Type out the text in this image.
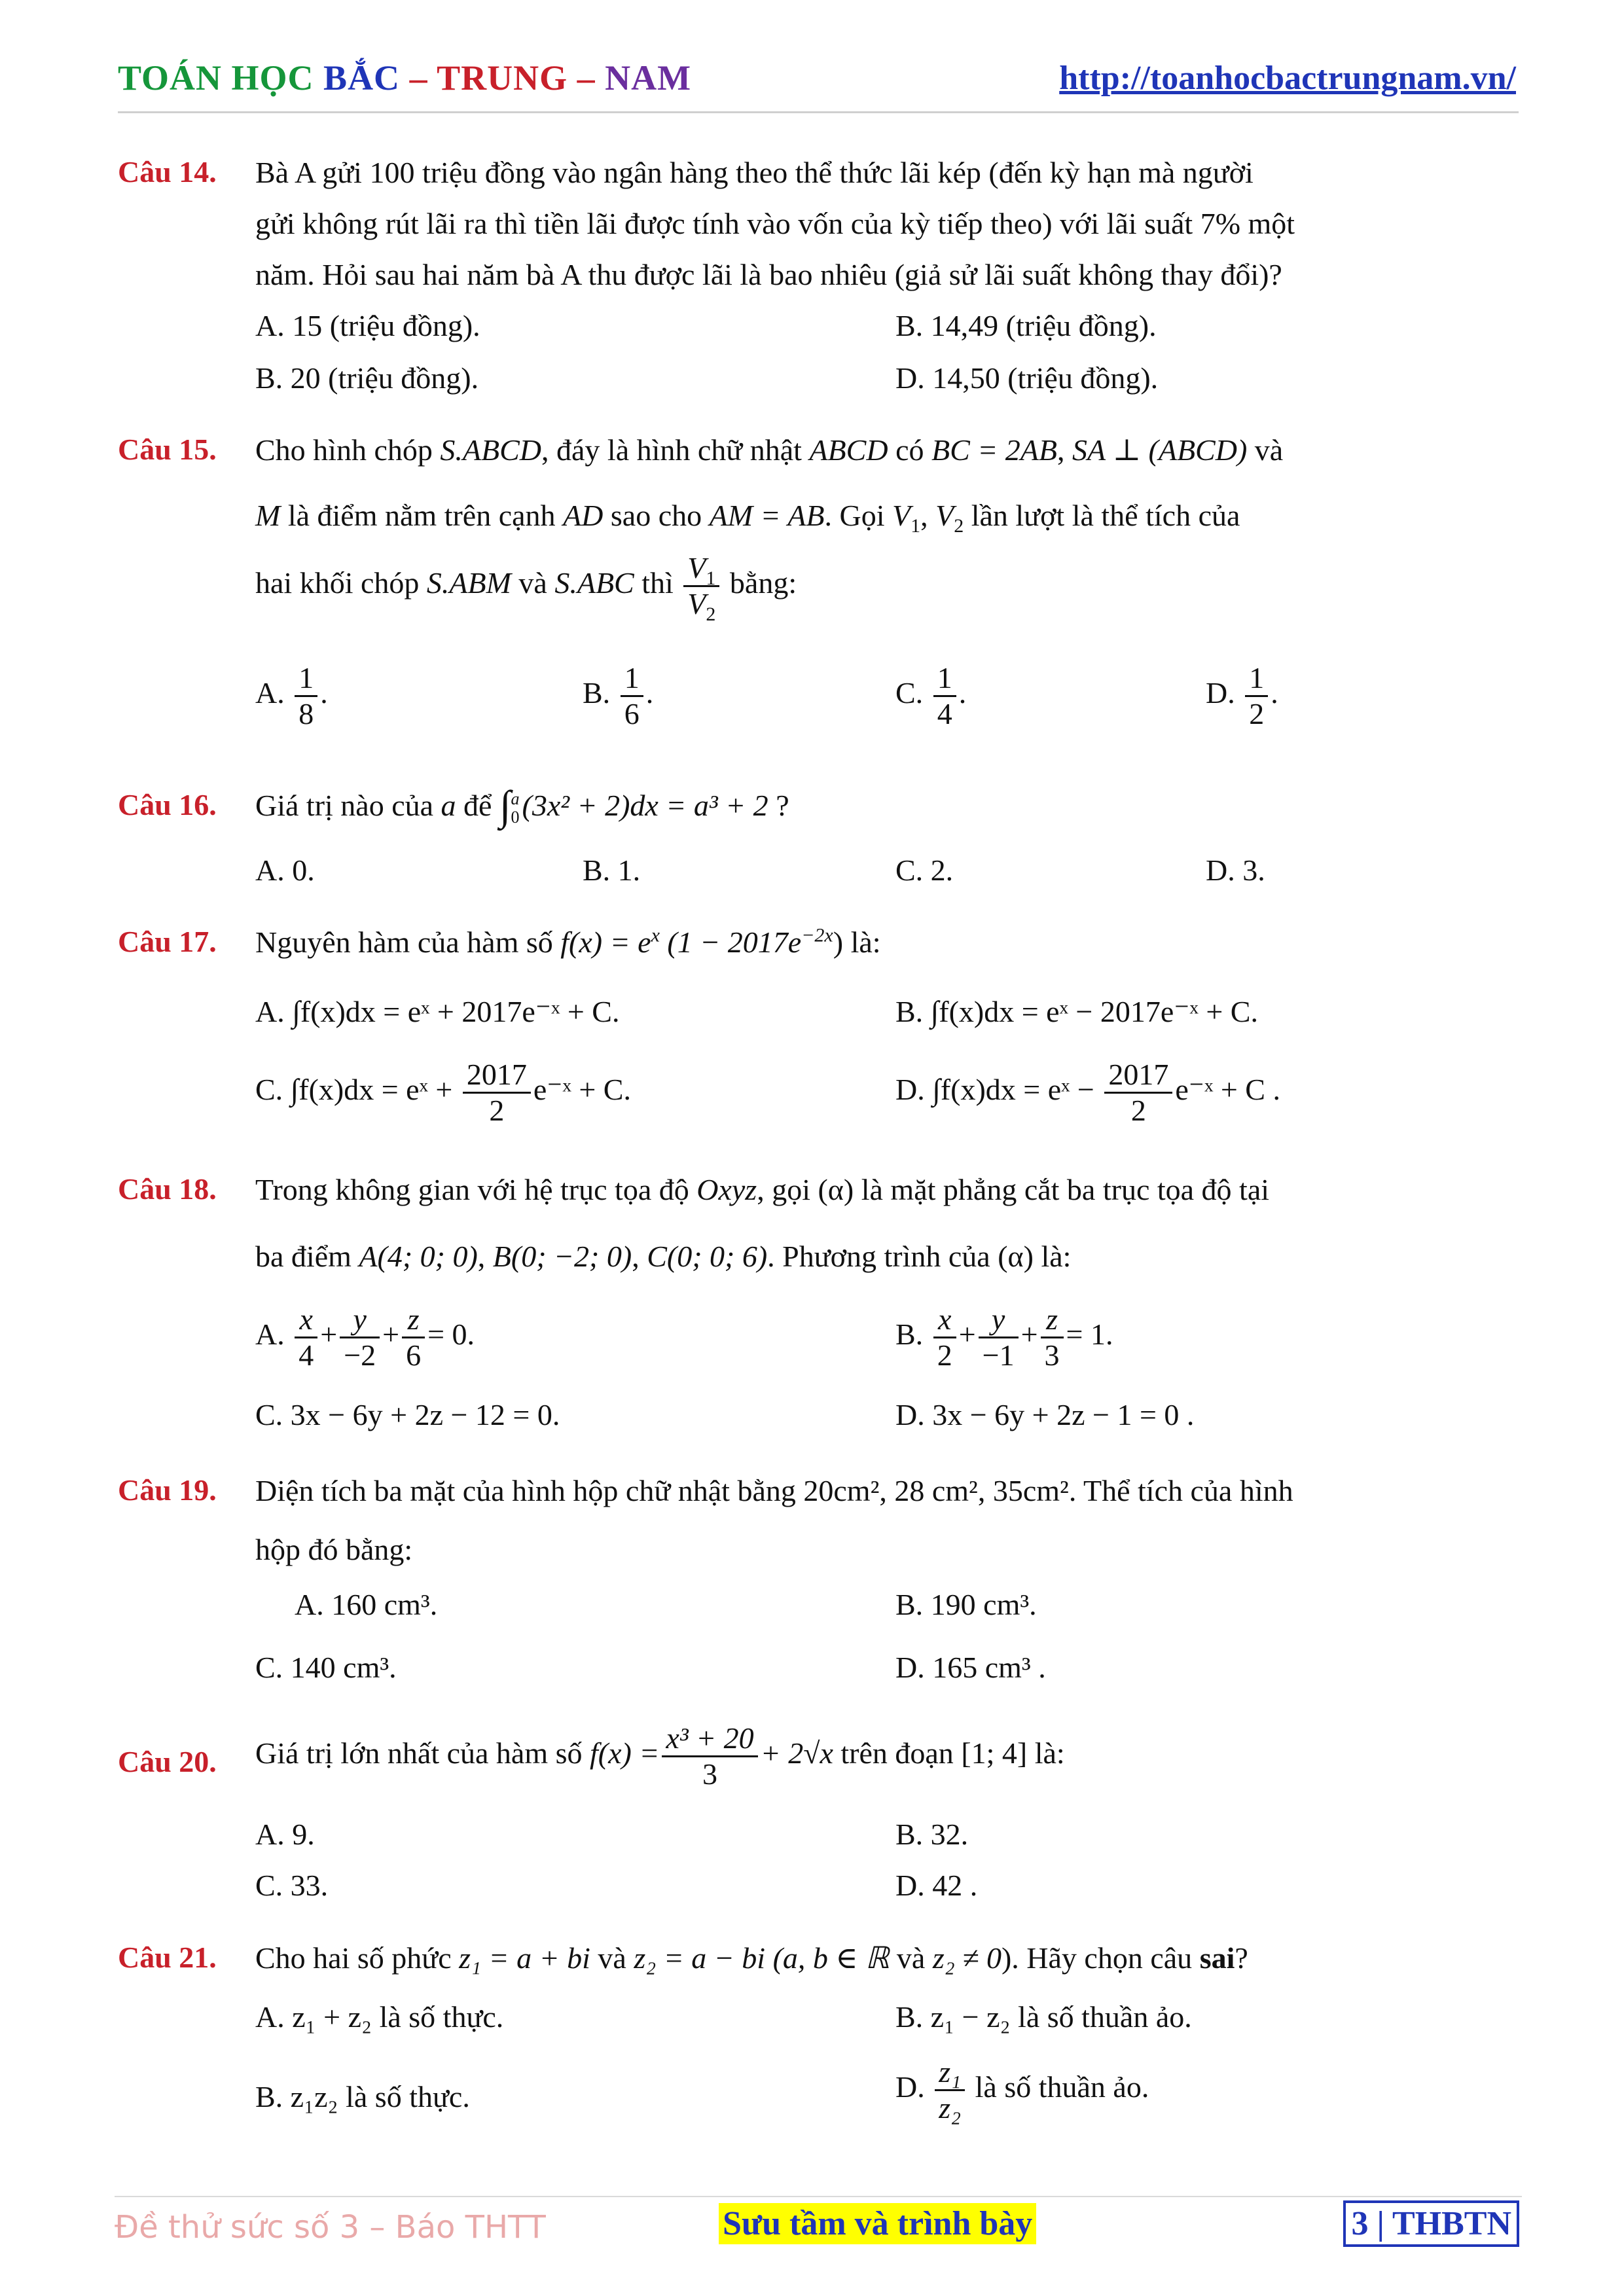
TOÁN HỌC BẮC – TRUNG – NAM	http://toanhocbactrungnam.vn/
Câu 14. Bà A gửi 100 triệu đồng vào ngân hàng theo thể thức lãi kép (đến kỳ hạn mà người
gửi không rút lãi ra thì tiền lãi được tính vào vốn của kỳ tiếp theo) với lãi suất 7% một
năm. Hỏi sau hai năm bà A thu được lãi là bao nhiêu (giả sử lãi suất không thay đổi)?
A. 15 (triệu đồng).	B. 14,49 (triệu đồng).
B. 20 (triệu đồng).	D. 14,50 (triệu đồng).
Câu 15. Cho hình chóp S.ABCD, đáy là hình chữ nhật ABCD có BC = 2AB, SA ⊥ (ABCD) và
M là điểm nằm trên cạnh AD sao cho AM = AB. Gọi $V_1$, $V_2$ lần lượt là thể tích của
hai khối chóp S.ABM và S.ABC thì $\frac{V_1}{V_2}$ bằng:
A. $\frac{1}{8}$ .	B. $\frac{1}{6}$ .	C. $\frac{1}{4}$ .	D. $\frac{1}{2}$ .
Câu 16. Giá trị nào của a để ∫ a
0 (3x² + 2)dx = a³ + 2 ?
A. 0.	B. 1.	C. 2.	D. 3.
Câu 17. Nguyên hàm của hàm số $f(x) = e^x$ $(1 - 2017e^{-2x})$ là:
A. ∫f(x)dx = eˣ + 2017e⁻ˣ + C.	B. ∫f(x)dx = eˣ − 2017e⁻ˣ + C.
C. ∫f(x)dx = eˣ + $\frac{2017}{2}$ e⁻ˣ + C.	D. ∫f(x)dx = eˣ − $\frac{2017}{2}$ e⁻ˣ + C .
Câu 18. Trong không gian với hệ trục tọa độ Oxyz, gọi (α) là mặt phẳng cắt ba trục tọa độ tại
ba điểm A(4; 0; 0), B(0; −2; 0), C(0; 0; 6). Phương trình của (α) là:
A. $\frac{x}{4} + \frac{y}{-2} + \frac{z}{6} = 0$.	B. $\frac{x}{2} + \frac{y}{-1} + \frac{z}{3} = 1$.
C. 3x − 6y + 2z − 12 = 0.	D. 3x − 6y + 2z − 1 = 0 .
Câu 19. Diện tích ba mặt của hình hộp chữ nhật bằng 20cm², 28 cm², 35cm². Thể tích của hình
hộp đó bằng:
A. 160 cm³.	B. 190 cm³.
C. 140 cm³.	D. 165 cm³ .
Câu 20. Giá trị lớn nhất của hàm số $f(x) = \frac{\text{x³ + 20}}{3} + 2√x$ trên đoạn [1; 4] là:
A. 9.	B. 32.
C. 33.	D. 42 .
Câu 21. Cho hai số phức z₁ = a + bi và z₂ = a − bi (a, b ∈ ℝ và z₂ ≠ 0). Hãy chọn câu sai?
A. z₁ + z₂ là số thực.	B. z₁ − z₂ là số thuần ảo.
B. z₁z₂ là số thực.	D. $\frac{\text{z₁}}{\text{z₂}}$ là số thuần ảo.
Đề thử sức số 3 – Báo THTT	Sưu tầm và trình bày	3 | THBTN
